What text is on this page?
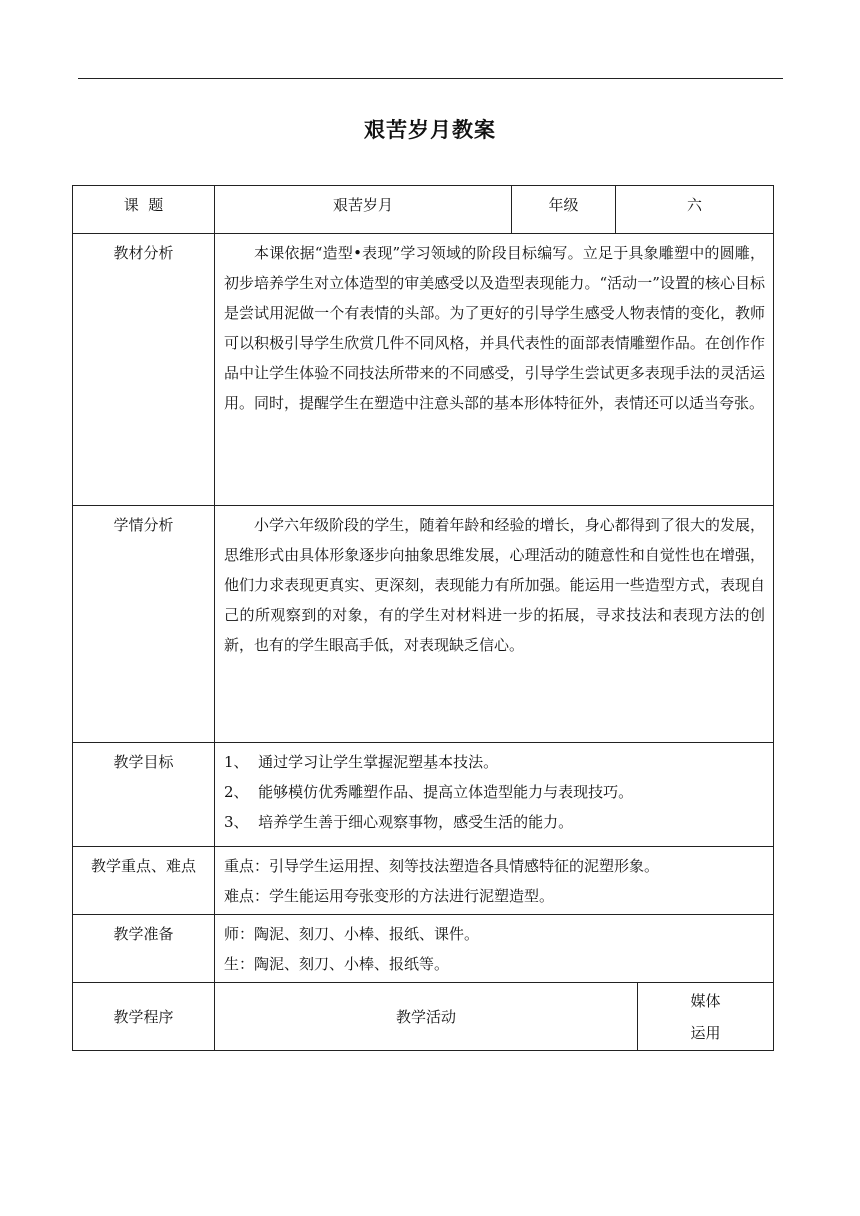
艰苦岁月教案
课  题	艰苦岁月	年级	六	
教材分析	本课依据“造型•表现”学习领域的阶段目标编写。立足于具象雕塑中的圆雕，初步培养学生对立体造型的审美感受以及造型表现能力。“活动一”设置的核心目标是尝试用泥做一个有表情的头部。为了更好的引导学生感受人物表情的变化，教师可以积极引导学生欣赏几件不同风格，并具代表性的面部表情雕塑作品。在创作作品中让学生体验不同技法所带来的不同感受，引导学生尝试更多表现手法的灵活运用。同时，提醒学生在塑造中注意头部的基本形体特征外，表情还可以适当夸张。			
学情分析	小学六年级阶段的学生，随着年龄和经验的增长，身心都得到了很大的发展，思维形式由具体形象逐步向抽象思维发展，心理活动的随意性和自觉性也在增强，他们力求表现更真实、更深刻，表现能力有所加强。能运用一些造型方式，表现自己的所观察到的对象，有的学生对材料进一步的拓展，寻求技法和表现方法的创新，也有的学生眼高手低，对表现缺乏信心。			
教学目标	1、  通过学习让学生掌握泥塑基本技法。
2、  能够模仿优秀雕塑作品、提高立体造型能力与表现技巧。
3、  培养学生善于细心观察事物，感受生活的能力。			

教学重点、难点	重点：引导学生运用捏、刻等技法塑造各具情感特征的泥塑形象。
难点：学生能运用夸张变形的方法进行泥塑造型。			

教学准备	师：陶泥、刻刀、小棒、报纸、课件。
生：陶泥、刻刀、小棒、报纸等。			

教学程序	教学活动			媒体
运用
